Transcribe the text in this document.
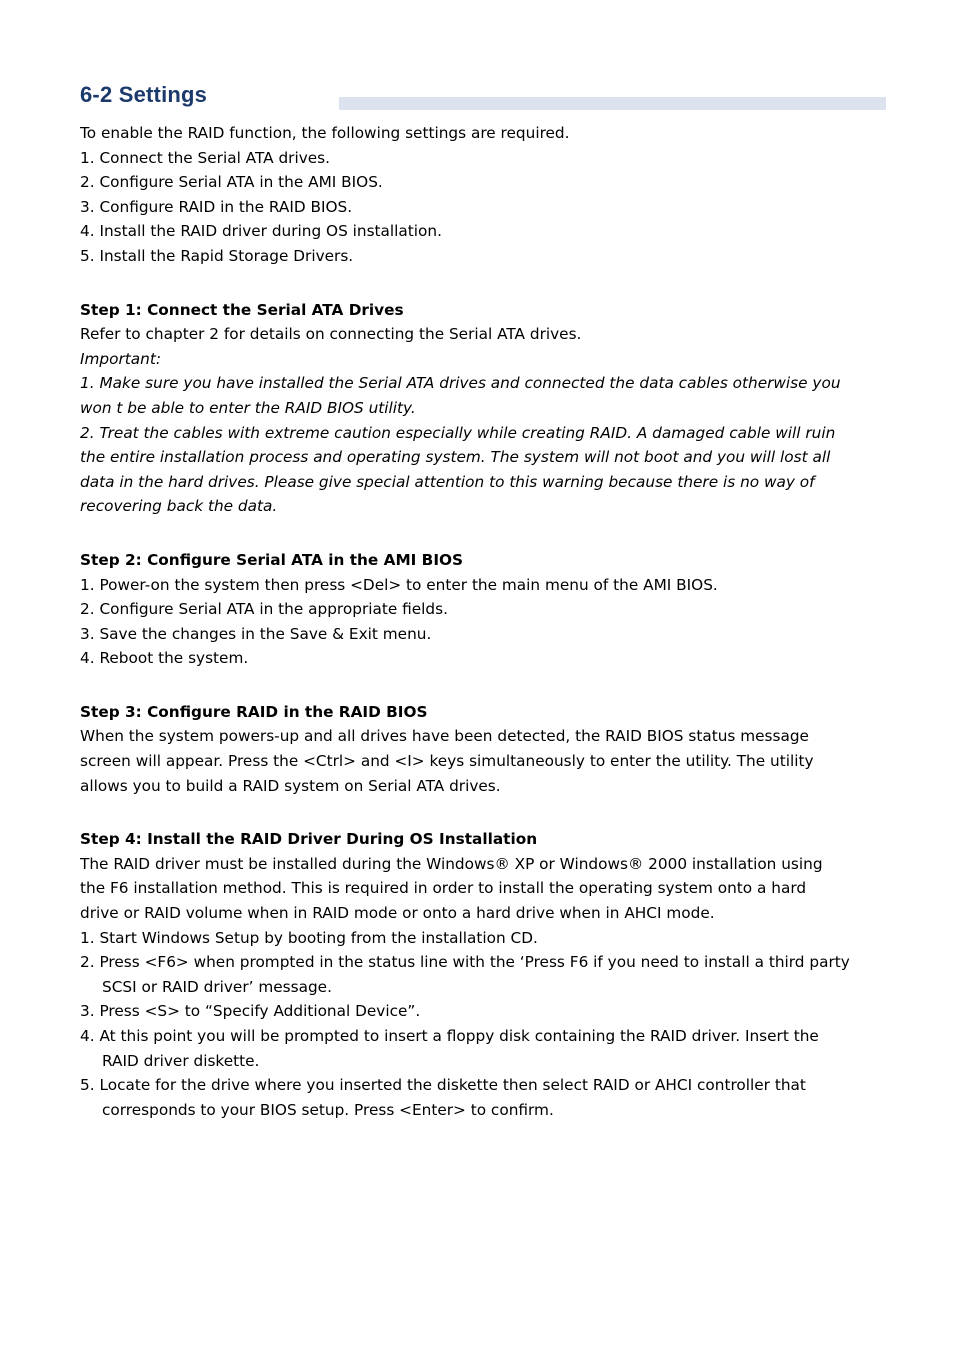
6-2 Settings
To enable the RAID function, the following settings are required.
1. Connect the Serial ATA drives.
2. Configure Serial ATA in the AMI BIOS.
3. Configure RAID in the RAID BIOS.
4. Install the RAID driver during OS installation.
5. Install the Rapid Storage Drivers.
Step 1: Connect the Serial ATA Drives
Refer to chapter 2 for details on connecting the Serial ATA drives.
Important:
1. Make sure you have installed the Serial ATA drives and connected the data cables otherwise you
won t be able to enter the RAID BIOS utility.
2. Treat the cables with extreme caution especially while creating RAID. A damaged cable will ruin
the entire installation process and operating system. The system will not boot and you will lost all
data in the hard drives. Please give special attention to this warning because there is no way of
recovering back the data.
Step 2: Configure Serial ATA in the AMI BIOS
1. Power-on the system then press <Del> to enter the main menu of the AMI BIOS.
2. Configure Serial ATA in the appropriate fields.
3. Save the changes in the Save & Exit menu.
4. Reboot the system.
Step 3: Configure RAID in the RAID BIOS
When the system powers-up and all drives have been detected, the RAID BIOS status message
screen will appear. Press the <Ctrl> and <I> keys simultaneously to enter the utility. The utility
allows you to build a RAID system on Serial ATA drives.
Step 4: Install the RAID Driver During OS Installation
The RAID driver must be installed during the Windows® XP or Windows® 2000 installation using
the F6 installation method. This is required in order to install the operating system onto a hard
drive or RAID volume when in RAID mode or onto a hard drive when in AHCI mode.
1. Start Windows Setup by booting from the installation CD.
2. Press <F6> when prompted in the status line with the ‘Press F6 if you need to install a third party
SCSI or RAID driver’ message.
3. Press <S> to “Specify Additional Device”.
4. At this point you will be prompted to insert a floppy disk containing the RAID driver. Insert the
RAID driver diskette.
5. Locate for the drive where you inserted the diskette then select RAID or AHCI controller that
corresponds to your BIOS setup. Press <Enter> to confirm.
